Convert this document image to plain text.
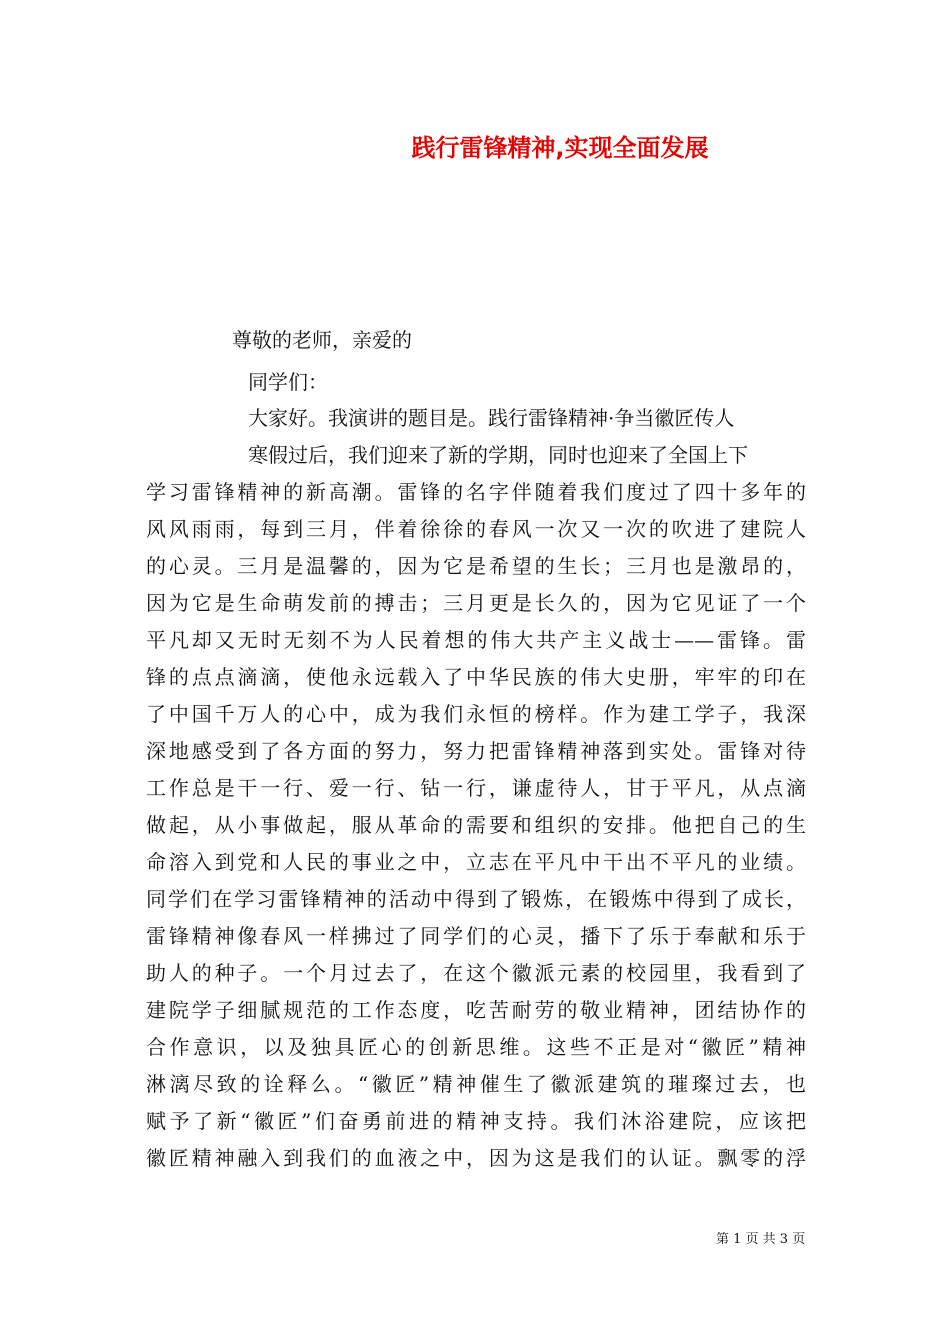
践行雷锋精神,实现全面发展
尊敬的老师，亲爱的
同学们：
大家好。我演讲的题目是。践行雷锋精神·争当徽匠传人
寒假过后，我们迎来了新的学期，同时也迎来了全国上下
学习雷锋精神的新高潮。雷锋的名字伴随着我们度过了四十多年的
风风雨雨，每到三月，伴着徐徐的春风一次又一次的吹进了建院人
的心灵。三月是温馨的，因为它是希望的生长；三月也是激昂的，
因为它是生命萌发前的搏击；三月更是长久的，因为它见证了一个
平凡却又无时无刻不为人民着想的伟大共产主义战士——雷锋。雷
锋的点点滴滴，使他永远载入了中华民族的伟大史册，牢牢的印在
了中国千万人的心中，成为我们永恒的榜样。作为建工学子，我深
深地感受到了各方面的努力，努力把雷锋精神落到实处。雷锋对待
工作总是干一行、爱一行、钻一行，谦虚待人，甘于平凡，从点滴
做起，从小事做起，服从革命的需要和组织的安排。他把自己的生
命溶入到党和人民的事业之中，立志在平凡中干出不平凡的业绩。
同学们在学习雷锋精神的活动中得到了锻炼，在锻炼中得到了成长，
雷锋精神像春风一样拂过了同学们的心灵，播下了乐于奉献和乐于
助人的种子。一个月过去了，在这个徽派元素的校园里，我看到了
建院学子细腻规范的工作态度，吃苦耐劳的敬业精神，团结协作的
合作意识，以及独具匠心的创新思维。这些不正是对“徽匠”精神
淋漓尽致的诠释么。“徽匠”精神催生了徽派建筑的璀璨过去，也
赋予了新“徽匠”们奋勇前进的精神支持。我们沐浴建院，应该把
徽匠精神融入到我们的血液之中，因为这是我们的认证。飘零的浮
第 1 页 共 3 页
